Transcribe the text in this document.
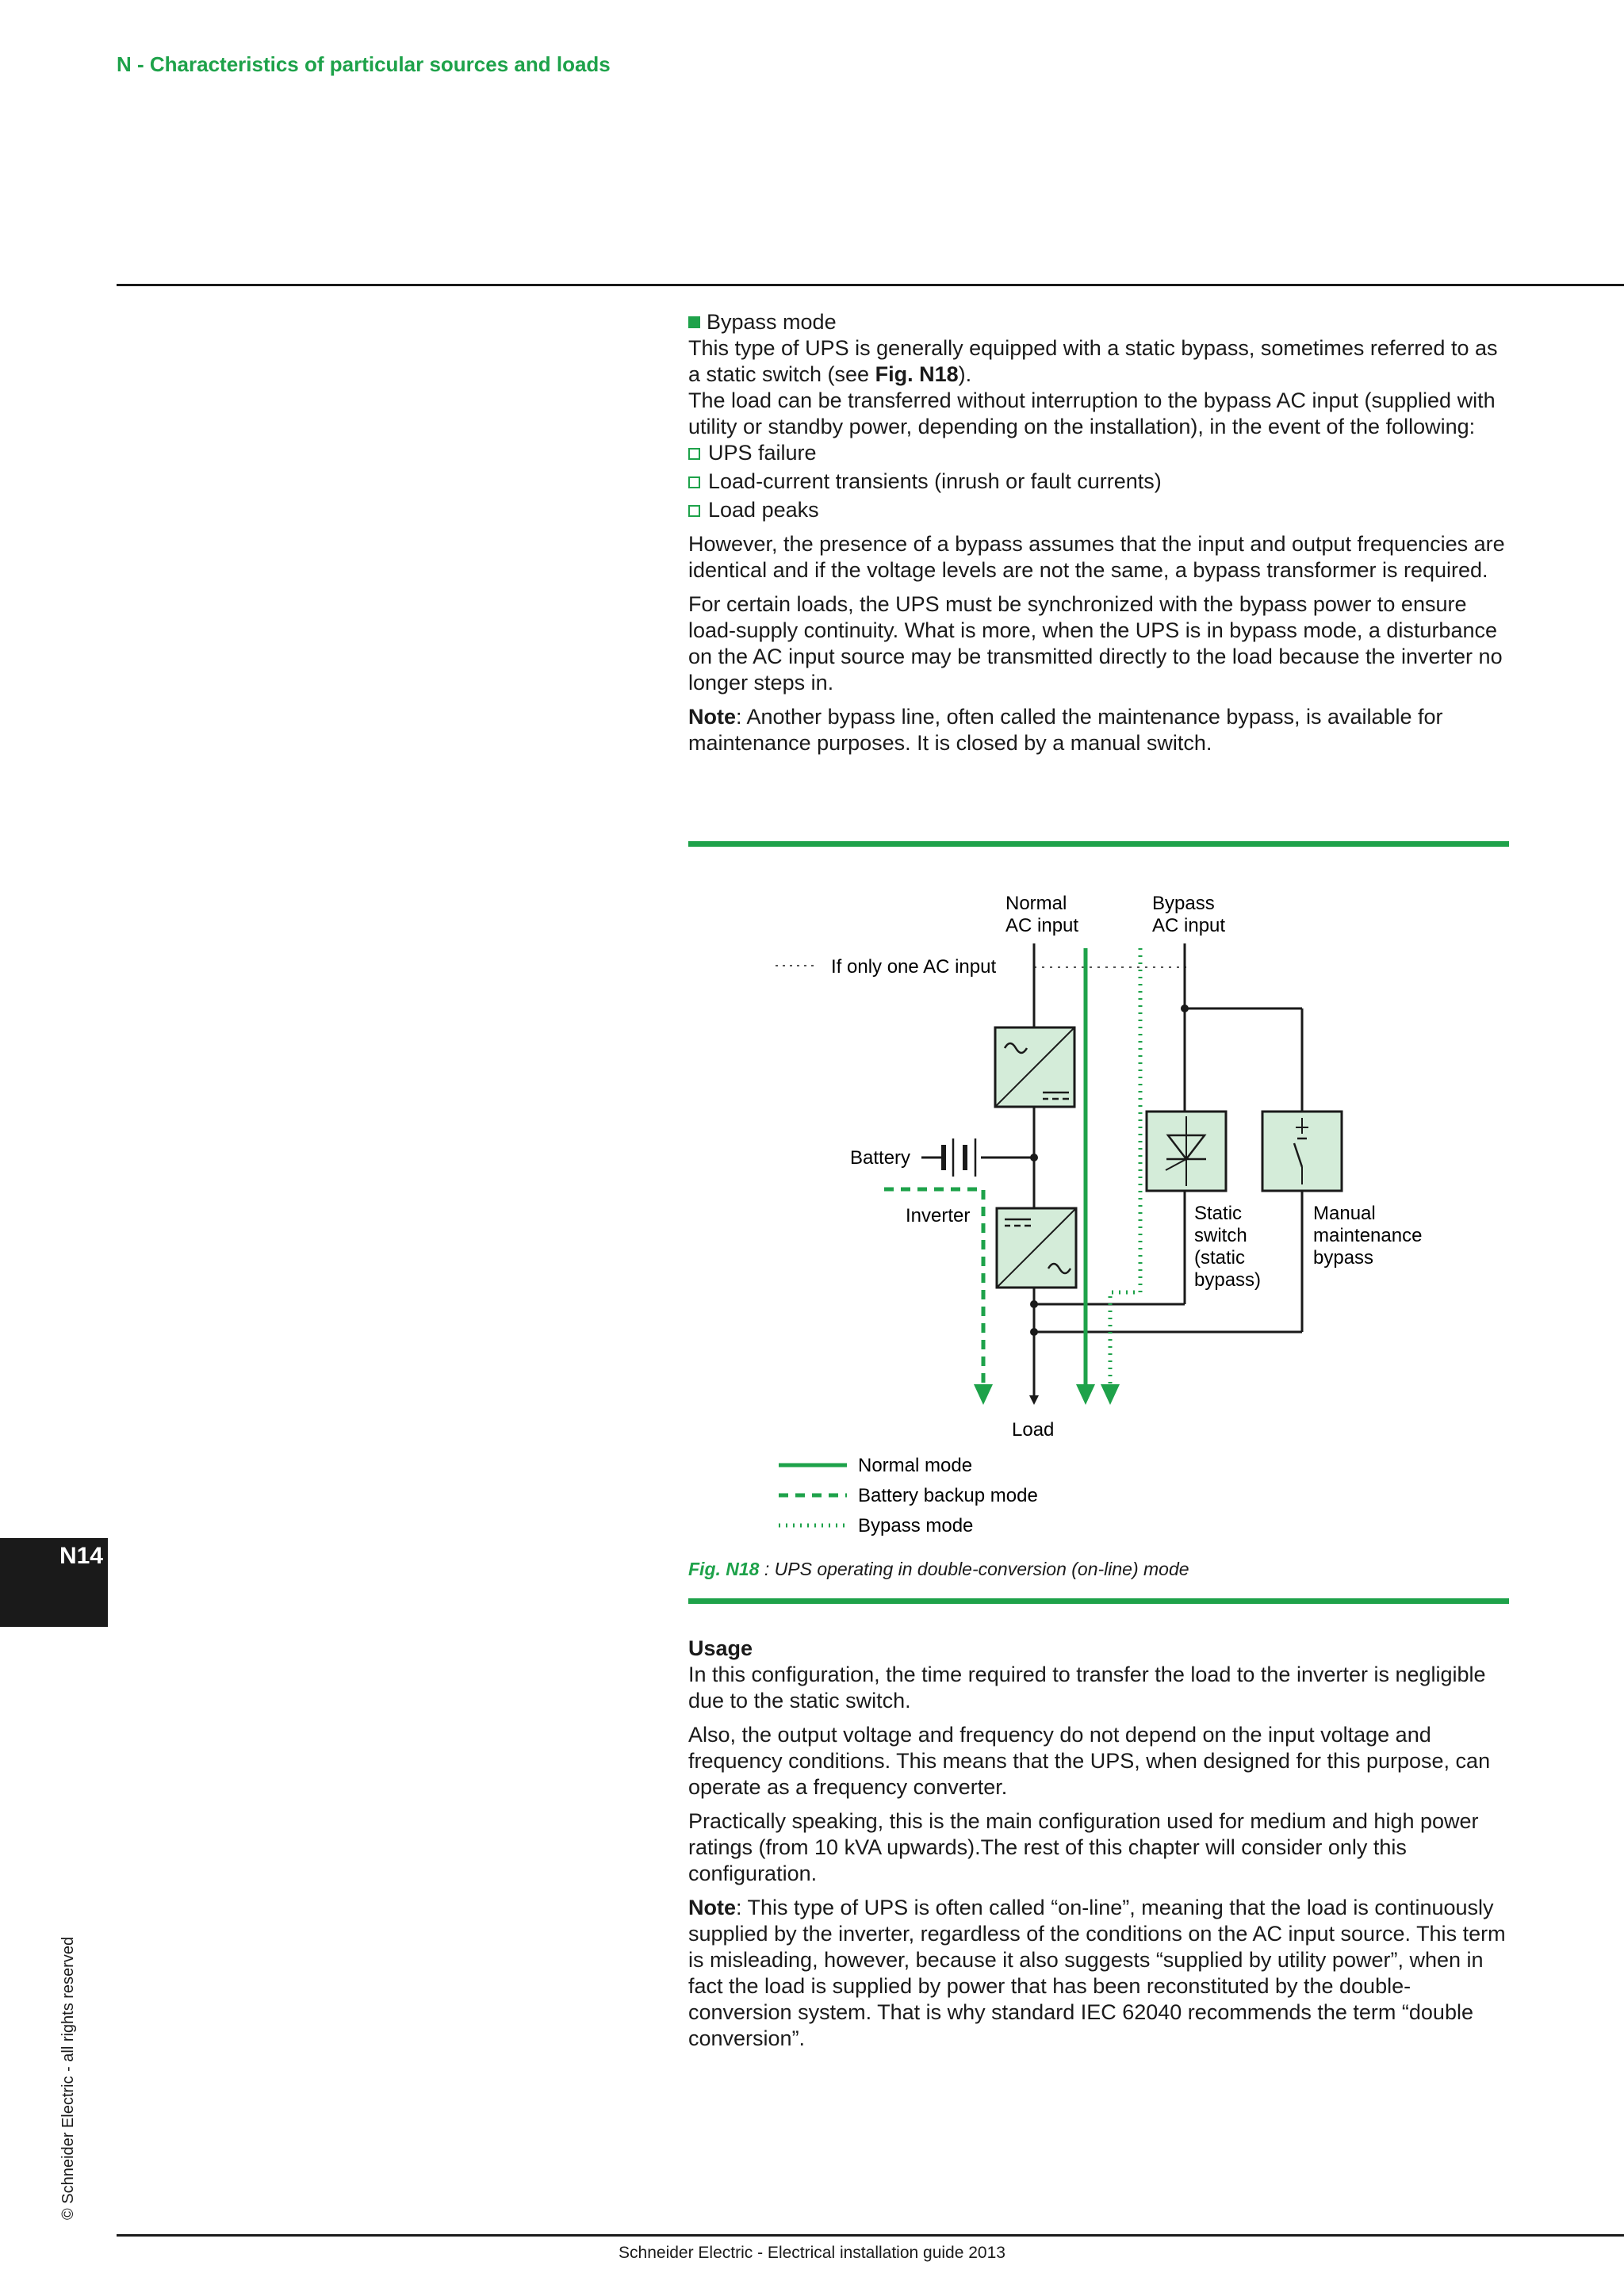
N - Characteristics of particular sources and loads
Bypass mode

This type of UPS is generally equipped with a static bypass, sometimes referred to as a static switch (see Fig. N18).

The load can be transferred without interruption to the bypass AC input (supplied with utility or standby power, depending on the installation), in the event of the following:

UPS failure
Load-current transients (inrush or fault currents)
Load peaks

However, the presence of a bypass assumes that the input and output frequencies are identical and if the voltage levels are not the same, a bypass transformer is required.

For certain loads, the UPS must be synchronized with the bypass power to ensure load-supply continuity. What is more, when the UPS is in bypass mode, a disturbance on the AC input source may be transmitted directly to the load because the inverter no longer steps in.

Note: Another bypass line, often called the maintenance bypass, is available for maintenance purposes. It is closed by a manual switch.

Normal
AC input
Bypass
AC input
If only one AC input
Battery
Inverter
Load
Static
switch
(static
bypass)
Manual
maintenance
bypass
Normal mode
Battery backup mode
Bypass mode
Fig. N18 : UPS operating in double-conversion (on-line) mode
Usage

In this configuration, the time required to transfer the load to the inverter is negligible due to the static switch.

Also, the output voltage and frequency do not depend on the input voltage and frequency conditions. This means that the UPS, when designed for this purpose, can operate as a frequency converter.

Practically speaking, this is the main configuration used for medium and high power ratings (from 10 kVA upwards).The rest of this chapter will consider only this configuration.

Note: This type of UPS is often called “on-line”, meaning that the load is continuously supplied by the inverter, regardless of the conditions on the AC input source. This term is misleading, however, because it also suggests “supplied by utility power”, when in fact the load is supplied by power that has been reconstituted by the double-conversion system. That is why standard IEC 62040 recommends the term “double conversion”.

N14
© Schneider Electric - all rights reserved
Schneider Electric - Electrical installation guide 2013
